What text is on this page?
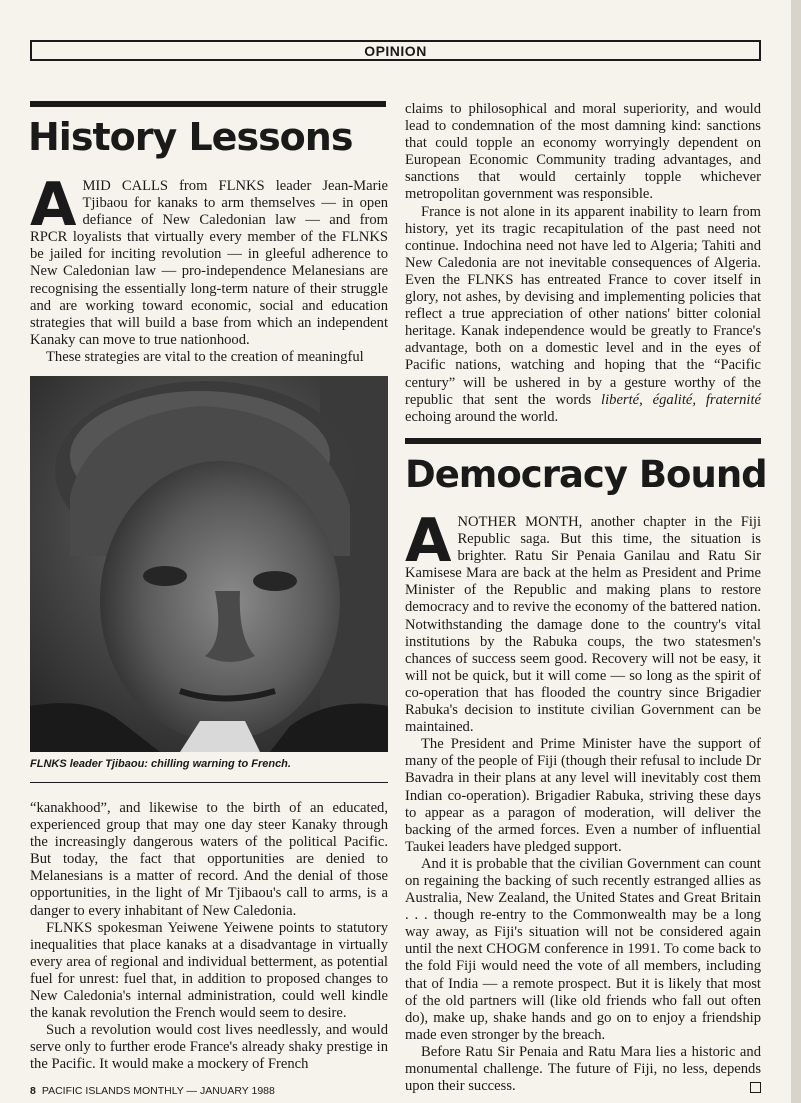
OPINION
History Lessons

AMID CALLS from FLNKS leader Jean-Marie Tjibaou for kanaks to arm themselves — in open defiance of New Caledonian law — and from RPCR loyalists that virtually every member of the FLNKS be jailed for inciting revolution — in gleeful adherence to New Caledonian law — pro-independence Melanesians are recognising the essentially long-term nature of their struggle and are working toward economic, social and education strategies that will build a base from which an independent Kanaky can move to true nationhood.

These strategies are vital to the creation of meaningful

FLNKS leader Tjibaou: chilling warning to French.

“kanakhood”, and likewise to the birth of an educated, experienced group that may one day steer Kanaky through the increasingly dangerous waters of the political Pacific. But today, the fact that opportunities are denied to Melanesians is a matter of record. And the denial of those opportunities, in the light of Mr Tjibaou's call to arms, is a danger to every inhabitant of New Caledonia.

FLNKS spokesman Yeiwene Yeiwene points to statutory inequalities that place kanaks at a disadvantage in virtually every area of regional and individual betterment, as potential fuel for unrest: fuel that, in addition to proposed changes to New Caledonia's internal administration, could well kindle the kanak revolution the French would seem to desire.

Such a revolution would cost lives needlessly, and would serve only to further erode France's already shaky prestige in the Pacific. It would make a mockery of French

claims to philosophical and moral superiority, and would lead to condemnation of the most damning kind: sanctions that could topple an economy worryingly dependent on European Economic Community trading advantages, and sanctions that would certainly topple whichever metropolitan government was responsible.

France is not alone in its apparent inability to learn from history, yet its tragic recapitulation of the past need not continue. Indochina need not have led to Algeria; Tahiti and New Caledonia are not inevitable consequences of Algeria. Even the FLNKS has entreated France to cover itself in glory, not ashes, by devising and implementing policies that reflect a true appreciation of other nations' bitter colonial heritage. Kanak independence would be greatly to France's advantage, both on a domestic level and in the eyes of Pacific nations, watching and hoping that the “Pacific century” will be ushered in by a gesture worthy of the republic that sent the words liberté, égalité, fraternité echoing around the world.

Democracy Bound

ANOTHER MONTH, another chapter in the Fiji Republic saga. But this time, the situation is brighter. Ratu Sir Penaia Ganilau and Ratu Sir Kamisese Mara are back at the helm as President and Prime Minister of the Republic and making plans to restore democracy and to revive the economy of the battered nation. Notwithstanding the damage done to the country's vital institutions by the Rabuka coups, the two statesmen's chances of success seem good. Recovery will not be easy, it will not be quick, but it will come — so long as the spirit of co-operation that has flooded the country since Brigadier Rabuka's decision to institute civilian Government can be maintained.

The President and Prime Minister have the support of many of the people of Fiji (though their refusal to include Dr Bavadra in their plans at any level will inevitably cost them Indian co-operation). Brigadier Rabuka, striving these days to appear as a paragon of moderation, will deliver the backing of the armed forces. Even a number of influential Taukei leaders have pledged support.

And it is probable that the civilian Government can count on regaining the backing of such recently estranged allies as Australia, New Zealand, the United States and Great Britain . . . though re-entry to the Commonwealth may be a long way away, as Fiji's situation will not be considered again until the next CHOGM conference in 1991. To come back to the fold Fiji would need the vote of all members, including that of India — a remote prospect. But it is likely that most of the old partners will (like old friends who fall out often do), make up, shake hands and go on to enjoy a friendship made even stronger by the breach.

Before Ratu Sir Penaia and Ratu Mara lies a historic and monumental challenge. The future of Fiji, no less, depends upon their success.

8 PACIFIC ISLANDS MONTHLY — JANUARY 1988
